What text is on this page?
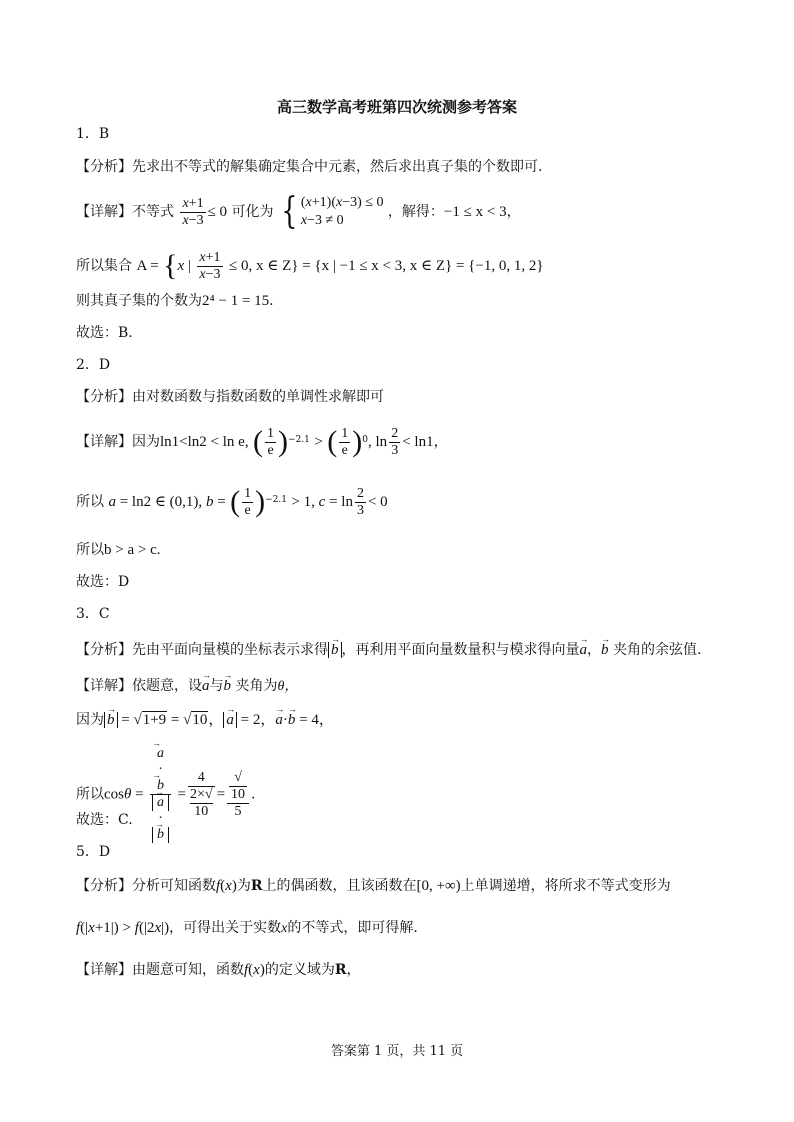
高三数学高考班第四次统测参考答案
1．B
【分析】先求出不等式的解集确定集合中元素，然后求出真子集的个数即可.
【详解】不等式 $\frac{x+1}{x-3} \le 0$ 可化为 { (x+1)(x−3) ≤ 0
x−3 ≠ 0
，解得：−1 ≤ x < 3，
所以集合 A = {x | $\frac{x+1}{x-3} \le 0$, x ∈ Z} = {x | −1 ≤ x < 3, x ∈ Z} = {−1, 0, 1, 2}
则其真子集的个数为2⁴ − 1 = 15.
故选：B.
2．D
【分析】由对数函数与指数函数的单调性求解即可
【详解】因为ln1<ln2 < ln e, ( $\frac{1}{e} )^{-2.1}$ > ( $\frac{1}{e} )^0$, $\ln \frac{2}{3} < \ln 1$，
所以 a = ln2 ∈ (0,1), b = ( $\frac{1}{e} )^{-2.1} > 1$, $c = \ln \frac{2}{3} < 0$
所以b > a > c.
故选：D
3．C
【分析】先由平面向量模的坐标表示求得 → b ，再利用平面向量数量积与模求得向量→ a，→ b 夹角的余弦值.
【详解】依题意，设→ a与→ b 夹角为θ，
因为 → b = √1+9 = √10， → a = 2，→ a·→ b = 4，
所以cosθ = → a
·
→ b
→ a
·
→ b = 4
2×√
10 = √
10
5 .
故选：C.
5．D
【分析】分析可知函数f(x)为R上的偶函数，且该函数在[0, +∞)上单调递增，将所求不等式变形为
f(|x+1|) > f(|2x|)，可得出关于实数x的不等式，即可得解.
【详解】由题意可知，函数f(x)的定义域为R，
答案第 1 页，共 11 页
